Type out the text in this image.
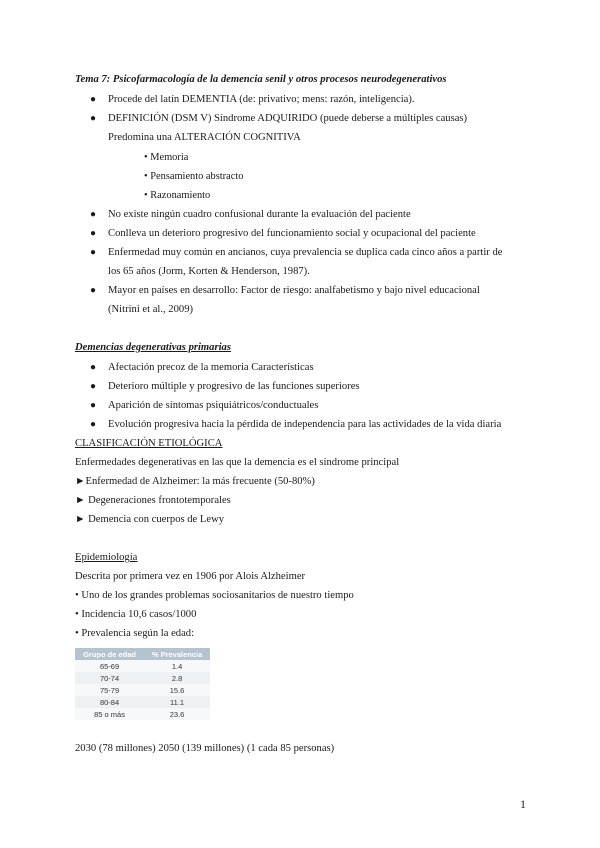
Tema 7: Psicofarmacología de la demencia senil y otros procesos neurodegenerativos
● Procede del latín DEMENTIA (de: privativo; mens: razón, inteligencia).
● DEFINICIÓN (DSM V) Síndrome ADQUIRIDO (puede deberse a múltiples causas)
Predomina una ALTERACIÓN COGNITIVA
• Memoria
• Pensamiento abstracto
• Razonamiento
● No existe ningún cuadro confusional durante la evaluación del paciente
● Conlleva un deterioro progresivo del funcionamiento social y ocupacional del paciente
● Enfermedad muy común en ancianos, cuya prevalencia se duplica cada cinco años a partir de
los 65 años (Jorm, Korten & Henderson, 1987).
● Mayor en países en desarrollo: Factor de riesgo: analfabetismo y bajo nivel educacional
(Nitrini et al., 2009)
Demencias degenerativas primarias
● Afectación precoz de la memoria Características
● Deterioro múltiple y progresivo de las funciones superiores
● Aparición de síntomas psiquiátricos/conductuales
● Evolución progresiva hacia la pérdida de independencia para las actividades de la vida diaria
CLASIFICACIÓN ETIOLÓGICA
Enfermedades degenerativas en las que la demencia es el síndrome principal
►Enfermedad de Alzheimer: la más frecuente (50-80%)
► Degeneraciones frontotemporales
► Demencia con cuerpos de Lewy
Epidemiología
Descrita por primera vez en 1906 por Alois Alzheimer
• Uno de los grandes problemas sociosanitarios de nuestro tiempo
• Incidencia 10,6 casos/1000
• Prevalencia según la edad:
Grupo de edad	% Prevalencia
65-69	1.4
70-74	2.8
75-79	15.6
80-84	11.1
85 o más	23.6
2030 (78 millones) 2050 (139 millones) (1 cada 85 personas)
1
